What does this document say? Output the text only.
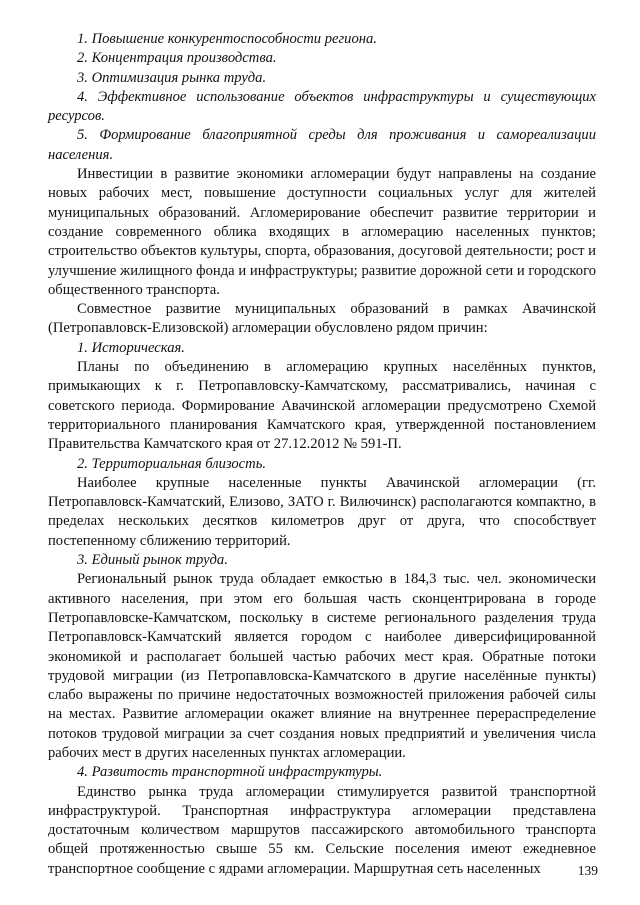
1. Повышение конкурентоспособности региона.

2. Концентрация производства.

3. Оптимизация рынка труда.

4. Эффективное использование объектов инфраструктуры и существующих ресурсов.

5. Формирование благоприятной среды для проживания и самореализации населения.

Инвестиции в развитие экономики агломерации будут направлены на создание новых рабочих мест, повышение доступности социальных услуг для жителей муниципальных образований. Агломерирование обеспечит развитие территории и создание современного облика входящих в агломерацию населенных пунктов; строительство объектов культуры, спорта, образования, досуговой деятельности; рост и улучшение жилищного фонда и инфраструктуры; развитие дорожной сети и городского общественного транспорта.

Совместное развитие муниципальных образований в рамках Авачинской (Петропавловск-Елизовской) агломерации обусловлено рядом причин:

1. Историческая.

Планы по объединению в агломерацию крупных населённых пунктов, примыкающих к г. Петропавловску-Камчатскому, рассматривались, начиная с советского периода. Формирование Авачинской агломерации предусмотрено Схемой территориального планирования Камчатского края, утвержденной постановлением Правительства Камчатского края от 27.12.2012 № 591-П.

2. Территориальная близость.

Наиболее крупные населенные пункты Авачинской агломерации (гг. Петропавловск-Камчатский, Елизово, ЗАТО г. Вилючинск) располагаются компактно, в пределах нескольких десятков километров друг от друга, что способствует постепенному сближению территорий.

3. Единый рынок труда.

Региональный рынок труда обладает емкостью в 184,3 тыс. чел. экономически активного населения, при этом его большая часть сконцентрирована в городе Петропавловске-Камчатском, поскольку в системе регионального разделения труда Петропавловск-Камчатский является городом с наиболее диверсифицированной экономикой и располагает большей частью рабочих мест края. Обратные потоки трудовой миграции (из Петропавловска-Камчатского в другие населённые пункты) слабо выражены по причине недостаточных возможностей приложения рабочей силы на местах. Развитие агломерации окажет влияние на внутреннее перераспределение потоков трудовой миграции за счет создания новых предприятий и увеличения числа рабочих мест в других населенных пунктах агломерации.

4. Развитость транспортной инфраструктуры.

Единство рынка труда агломерации стимулируется развитой транспортной инфраструктурой. Транспортная инфраструктура агломерации представлена достаточным количеством маршрутов пассажирского автомобильного транспорта общей протяженностью свыше 55 км. Сельские поселения имеют ежедневное транспортное сообщение с ядрами агломерации. Маршрутная сеть населенных	139
